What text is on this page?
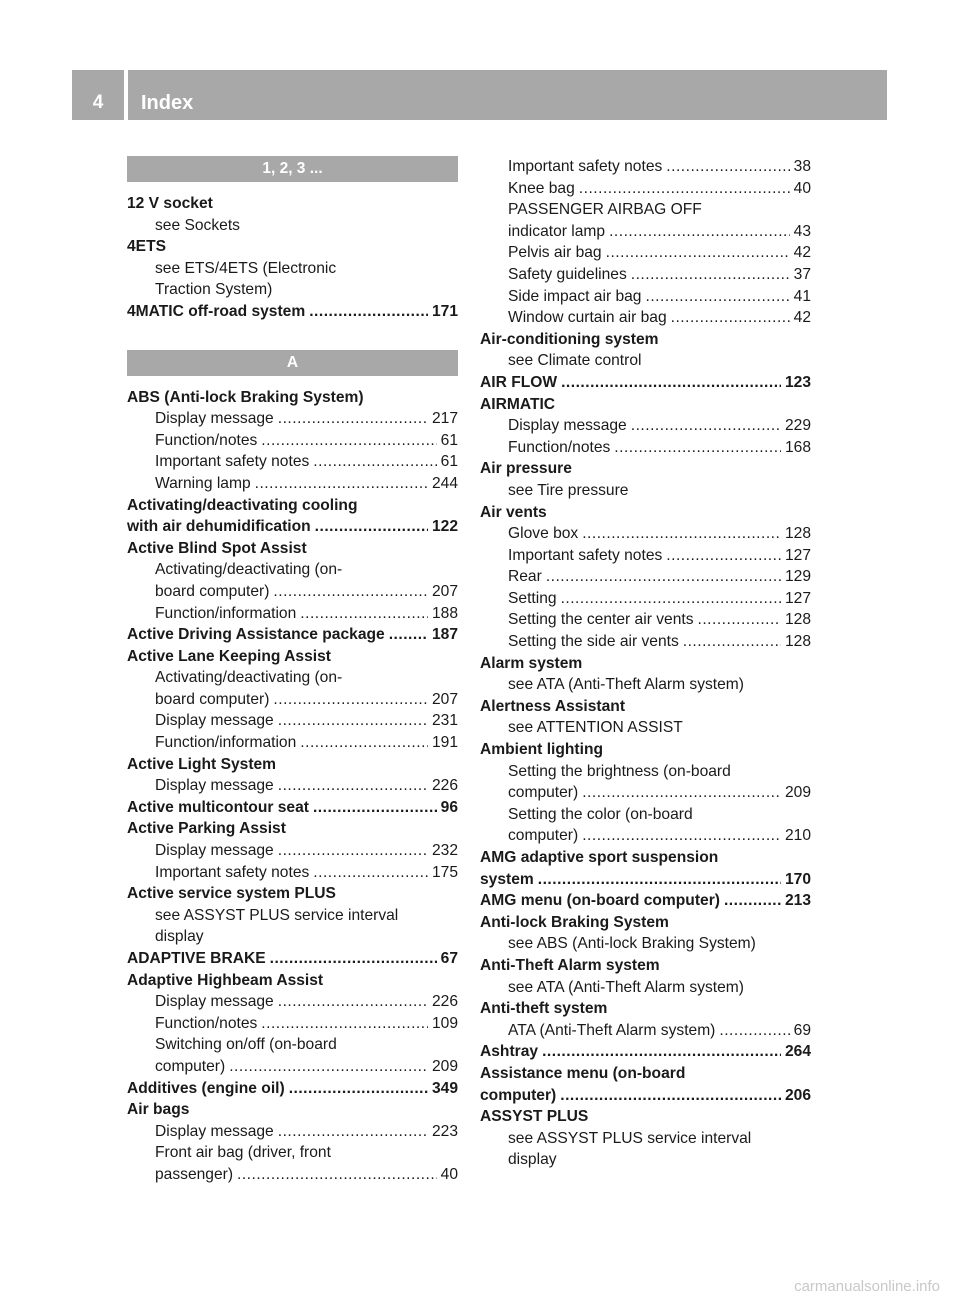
4	Index
1, 2, 3 ...
12 V socket
see Sockets
4ETS
see ETS/4ETS (Electronic
Traction System)
4MATIC off-road system .....	171
A
ABS (Anti-lock Braking System)
Display message .....	217
Function/notes .....	61
Important safety notes .....	61
Warning lamp .....	244
Activating/deactivating cooling
with air dehumidification .....	122
Active Blind Spot Assist
Activating/deactivating (on-
board computer) .....	207
Function/information .....	188
Active Driving Assistance package .....	187
Active Lane Keeping Assist
Activating/deactivating (on-
board computer) .....	207
Display message .....	231
Function/information .....	191
Active Light System
Display message .....	226
Active multicontour seat .....	96
Active Parking Assist
Display message .....	232
Important safety notes .....	175
Active service system PLUS
see ASSYST PLUS service interval
display
ADAPTIVE BRAKE .....	67
Adaptive Highbeam Assist
Display message .....	226
Function/notes .....	109
Switching on/off (on-board
computer) .....	209
Additives (engine oil) .....	349
Air bags
Display message .....	223
Front air bag (driver, front
passenger) .....	40
Important safety notes .....	38
Knee bag .....	40
PASSENGER AIRBAG OFF
indicator lamp .....	43
Pelvis air bag .....	42
Safety guidelines .....	37
Side impact air bag .....	41
Window curtain air bag .....	42
Air-conditioning system
see Climate control
AIR FLOW .....	123
AIRMATIC
Display message .....	229
Function/notes .....	168
Air pressure
see Tire pressure
Air vents
Glove box .....	128
Important safety notes .....	127
Rear .....	129
Setting .....	127
Setting the center air vents .....	128
Setting the side air vents .....	128
Alarm system
see ATA (Anti-Theft Alarm system)
Alertness Assistant
see ATTENTION ASSIST
Ambient lighting
Setting the brightness (on-board
computer) .....	209
Setting the color (on-board
computer) .....	210
AMG adaptive sport suspension
system .....	170
AMG menu (on-board computer) .....	213
Anti-lock Braking System
see ABS (Anti-lock Braking System)
Anti-Theft Alarm system
see ATA (Anti-Theft Alarm system)
Anti-theft system
ATA (Anti-Theft Alarm system) .....	69
Ashtray .....	264
Assistance menu (on-board
computer) .....	206
ASSYST PLUS
see ASSYST PLUS service interval
display
carmanualsonline.info
